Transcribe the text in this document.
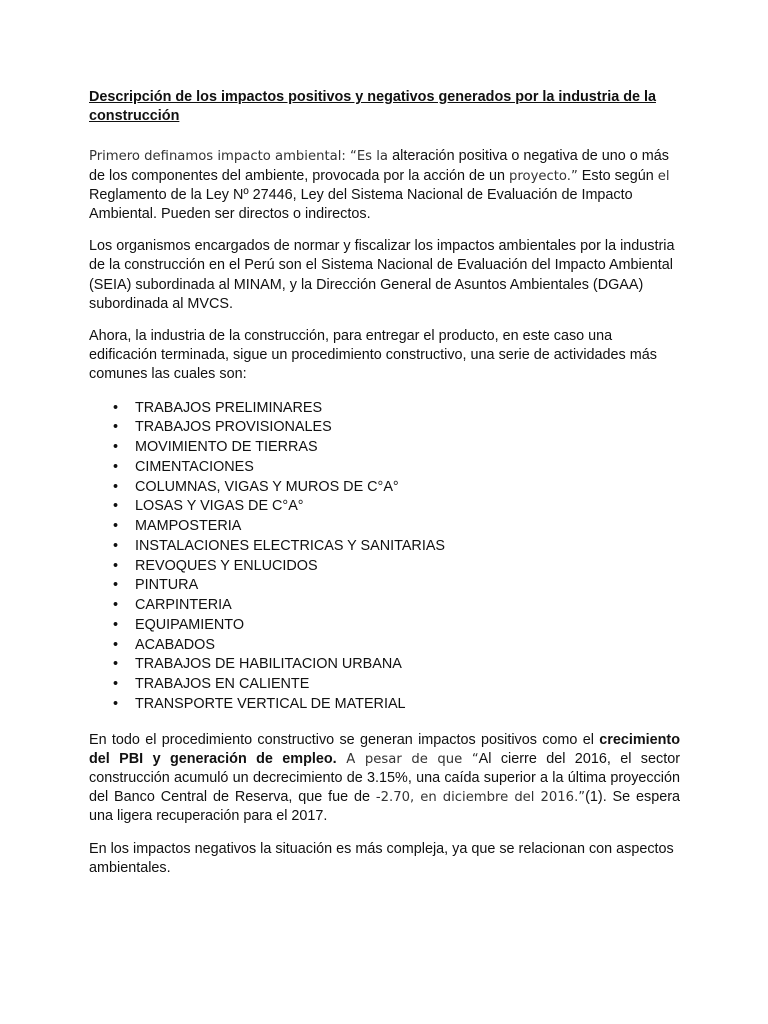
Descripción de los impactos positivos y negativos generados por la industria de la construcción

Primero definamos impacto ambiental: “Es la alteración positiva o negativa de uno o más de los componentes del ambiente, provocada por la acción de un proyecto.” Esto según el Reglamento de la Ley Nº 27446, Ley del Sistema Nacional de Evaluación de Impacto Ambiental. Pueden ser directos o indirectos.

Los organismos encargados de normar y fiscalizar los impactos ambientales por la industria de la construcción en el Perú son el Sistema Nacional de Evaluación del Impacto Ambiental (SEIA) subordinada al MINAM, y la Dirección General de Asuntos Ambientales (DGAA) subordinada al MVCS.

Ahora, la industria de la construcción, para entregar el producto, en este caso una edificación terminada, sigue un procedimiento constructivo, una serie de actividades más comunes las cuales son:

• TRABAJOS PRELIMINARES
• TRABAJOS PROVISIONALES
• MOVIMIENTO DE TIERRAS
• CIMENTACIONES
• COLUMNAS, VIGAS Y MUROS DE C°A°
• LOSAS Y VIGAS DE C°A°
• MAMPOSTERIA
• INSTALACIONES ELECTRICAS Y SANITARIAS
• REVOQUES Y ENLUCIDOS
• PINTURA
• CARPINTERIA
• EQUIPAMIENTO
• ACABADOS
• TRABAJOS DE HABILITACION URBANA
• TRABAJOS EN CALIENTE
• TRANSPORTE VERTICAL DE MATERIAL

En todo el procedimiento constructivo se generan impactos positivos como el crecimiento del PBI y generación de empleo. A pesar de que “Al cierre del 2016, el sector construcción acumuló un decrecimiento de 3.15%, una caída superior a la última proyección del Banco Central de Reserva, que fue de -2.70, en diciembre del 2016.”(1). Se espera una ligera recuperación para el 2017.

En los impactos negativos la situación es más compleja, ya que se relacionan con aspectos ambientales.
